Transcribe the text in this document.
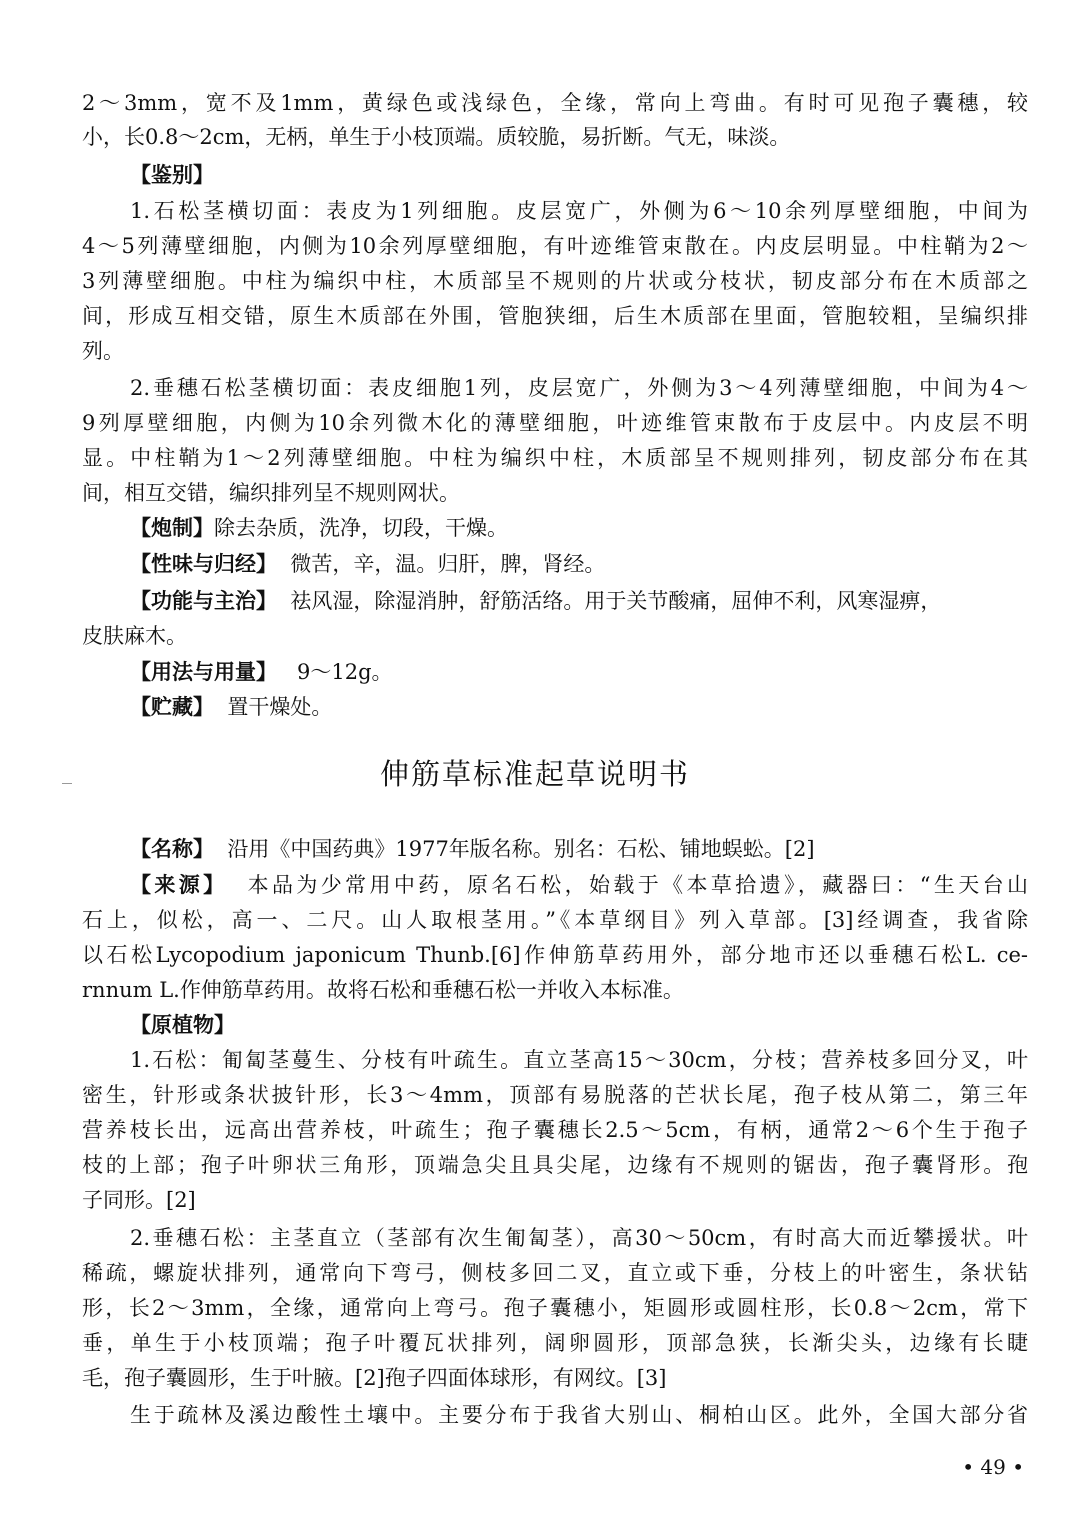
2～3mm，宽不及1mm，黄绿色或浅绿色，全缘，常向上弯曲。有时可见孢子囊穗，较
小，长0.8～2cm，无柄，单生于小枝顶端。质较脆，易折断。气无，味淡。
【鉴别】
1.石松茎横切面：表皮为1列细胞。皮层宽广，外侧为6～10余列厚壁细胞，中间为
4～5列薄壁细胞，内侧为10余列厚壁细胞，有叶迹维管束散在。内皮层明显。中柱鞘为2～
3列薄壁细胞。中柱为编织中柱，木质部呈不规则的片状或分枝状，韧皮部分布在木质部之
间，形成互相交错，原生木质部在外围，管胞狭细，后生木质部在里面，管胞较粗，呈编织排
列。
2.垂穗石松茎横切面：表皮细胞1列，皮层宽广，外侧为3～4列薄壁细胞，中间为4～
9列厚壁细胞，内侧为10余列微木化的薄壁细胞，叶迹维管束散布于皮层中。内皮层不明
显。中柱鞘为1～2列薄壁细胞。中柱为编织中柱，木质部呈不规则排列，韧皮部分布在其
间，相互交错，编织排列呈不规则网状。
【炮制】除去杂质，洗净，切段，干燥。
【性味与归经】 微苦，辛，温。归肝，脾，肾经。
【功能与主治】 祛风湿，除湿消肿，舒筋活络。用于关节酸痛，屈伸不利，风寒湿痹，
皮肤麻木。
【用法与用量】 9～12g。
【贮藏】 置干燥处。
伸筋草标准起草说明书
【名称】 沿用《中国药典》1977年版名称。别名：石松、铺地蜈蚣。[2]
【来源】 本品为少常用中药，原名石松，始载于《本草拾遗》，藏器曰：“生天台山
石上，似松，高一、二尺。山人取根茎用。”《本草纲目》列入草部。[3]经调查，我省除
以石松Lycopodium japonicum Thunb.[6]作伸筋草药用外，部分地市还以垂穗石松L. ce-
rnnum L.作伸筋草药用。故将石松和垂穗石松一并收入本标准。
【原植物】
1.石松：匍匐茎蔓生、分枝有叶疏生。直立茎高15～30cm，分枝；营养枝多回分叉，叶
密生，针形或条状披针形，长3～4mm，顶部有易脱落的芒状长尾，孢子枝从第二，第三年
营养枝长出，远高出营养枝，叶疏生；孢子囊穗长2.5～5cm，有柄，通常2～6个生于孢子
枝的上部；孢子叶卵状三角形，顶端急尖且具尖尾，边缘有不规则的锯齿，孢子囊肾形。孢
子同形。[2]
2.垂穗石松：主茎直立（茎部有次生匍匐茎），高30～50cm，有时高大而近攀援状。叶
稀疏，螺旋状排列，通常向下弯弓，侧枝多回二叉，直立或下垂，分枝上的叶密生，条状钻
形，长2～3mm，全缘，通常向上弯弓。孢子囊穗小，矩圆形或圆柱形，长0.8～2cm，常下
垂，单生于小枝顶端；孢子叶覆瓦状排列，阔卵圆形，顶部急狭，长渐尖头，边缘有长睫
毛，孢子囊圆形，生于叶腋。[2]孢子四面体球形，有网纹。[3]
生于疏林及溪边酸性土壤中。主要分布于我省大别山、桐柏山区。此外，全国大部分省
• 49 •
